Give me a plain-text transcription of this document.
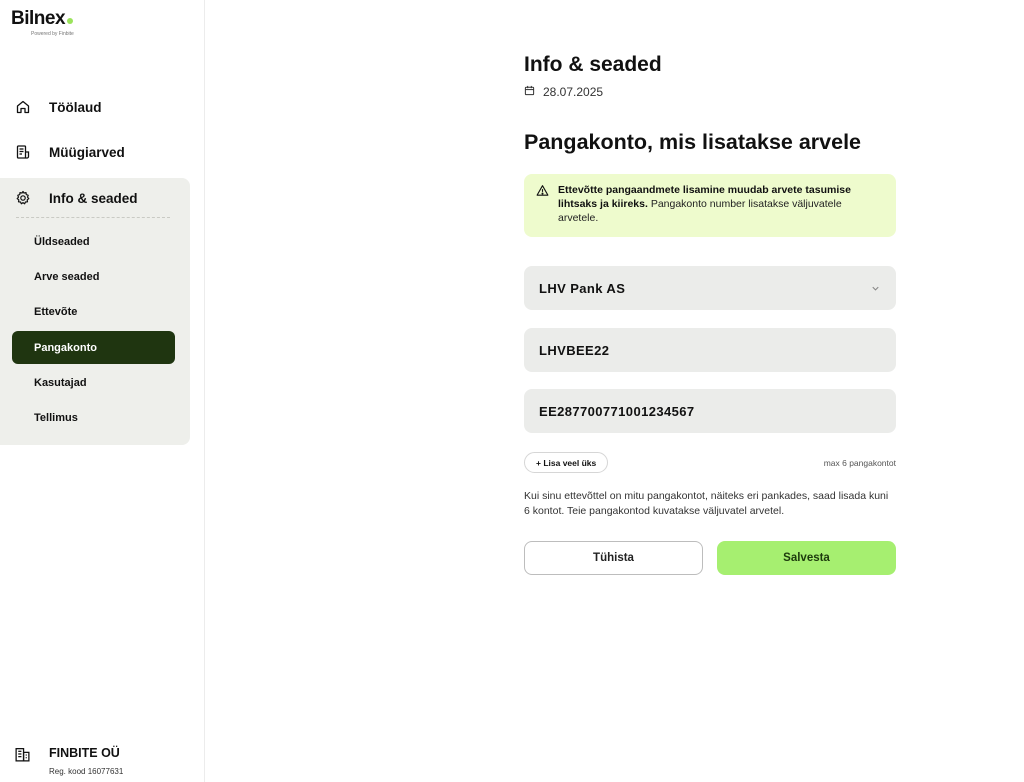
Bilnex
Powered by Finbite
Töölaud
Müügiarved
Info & seaded
Üldseaded
Arve seaded
Ettevõte
Pangakonto
Kasutajad
Tellimus
FINBITE OÜ
Reg. kood 16077631
Info & seaded
28.07.2025
Pangakonto, mis lisatakse arvele
Ettevõtte pangaandmete lisamine muudab arvete tasumise lihtsaks ja kiireks. Pangakonto number lisatakse väljuvatele arvetele.
LHV Pank AS
LHVBEE22
EE287700771001234567
+ Lisa veel üks	max 6 pangakontot

Kui sinu ettevõttel on mitu pangakontot, näiteks eri pankades, saad lisada kuni 6 kontot. Teie pangakontod kuvatakse väljuvatel arvetel.

Tühista	Salvesta
